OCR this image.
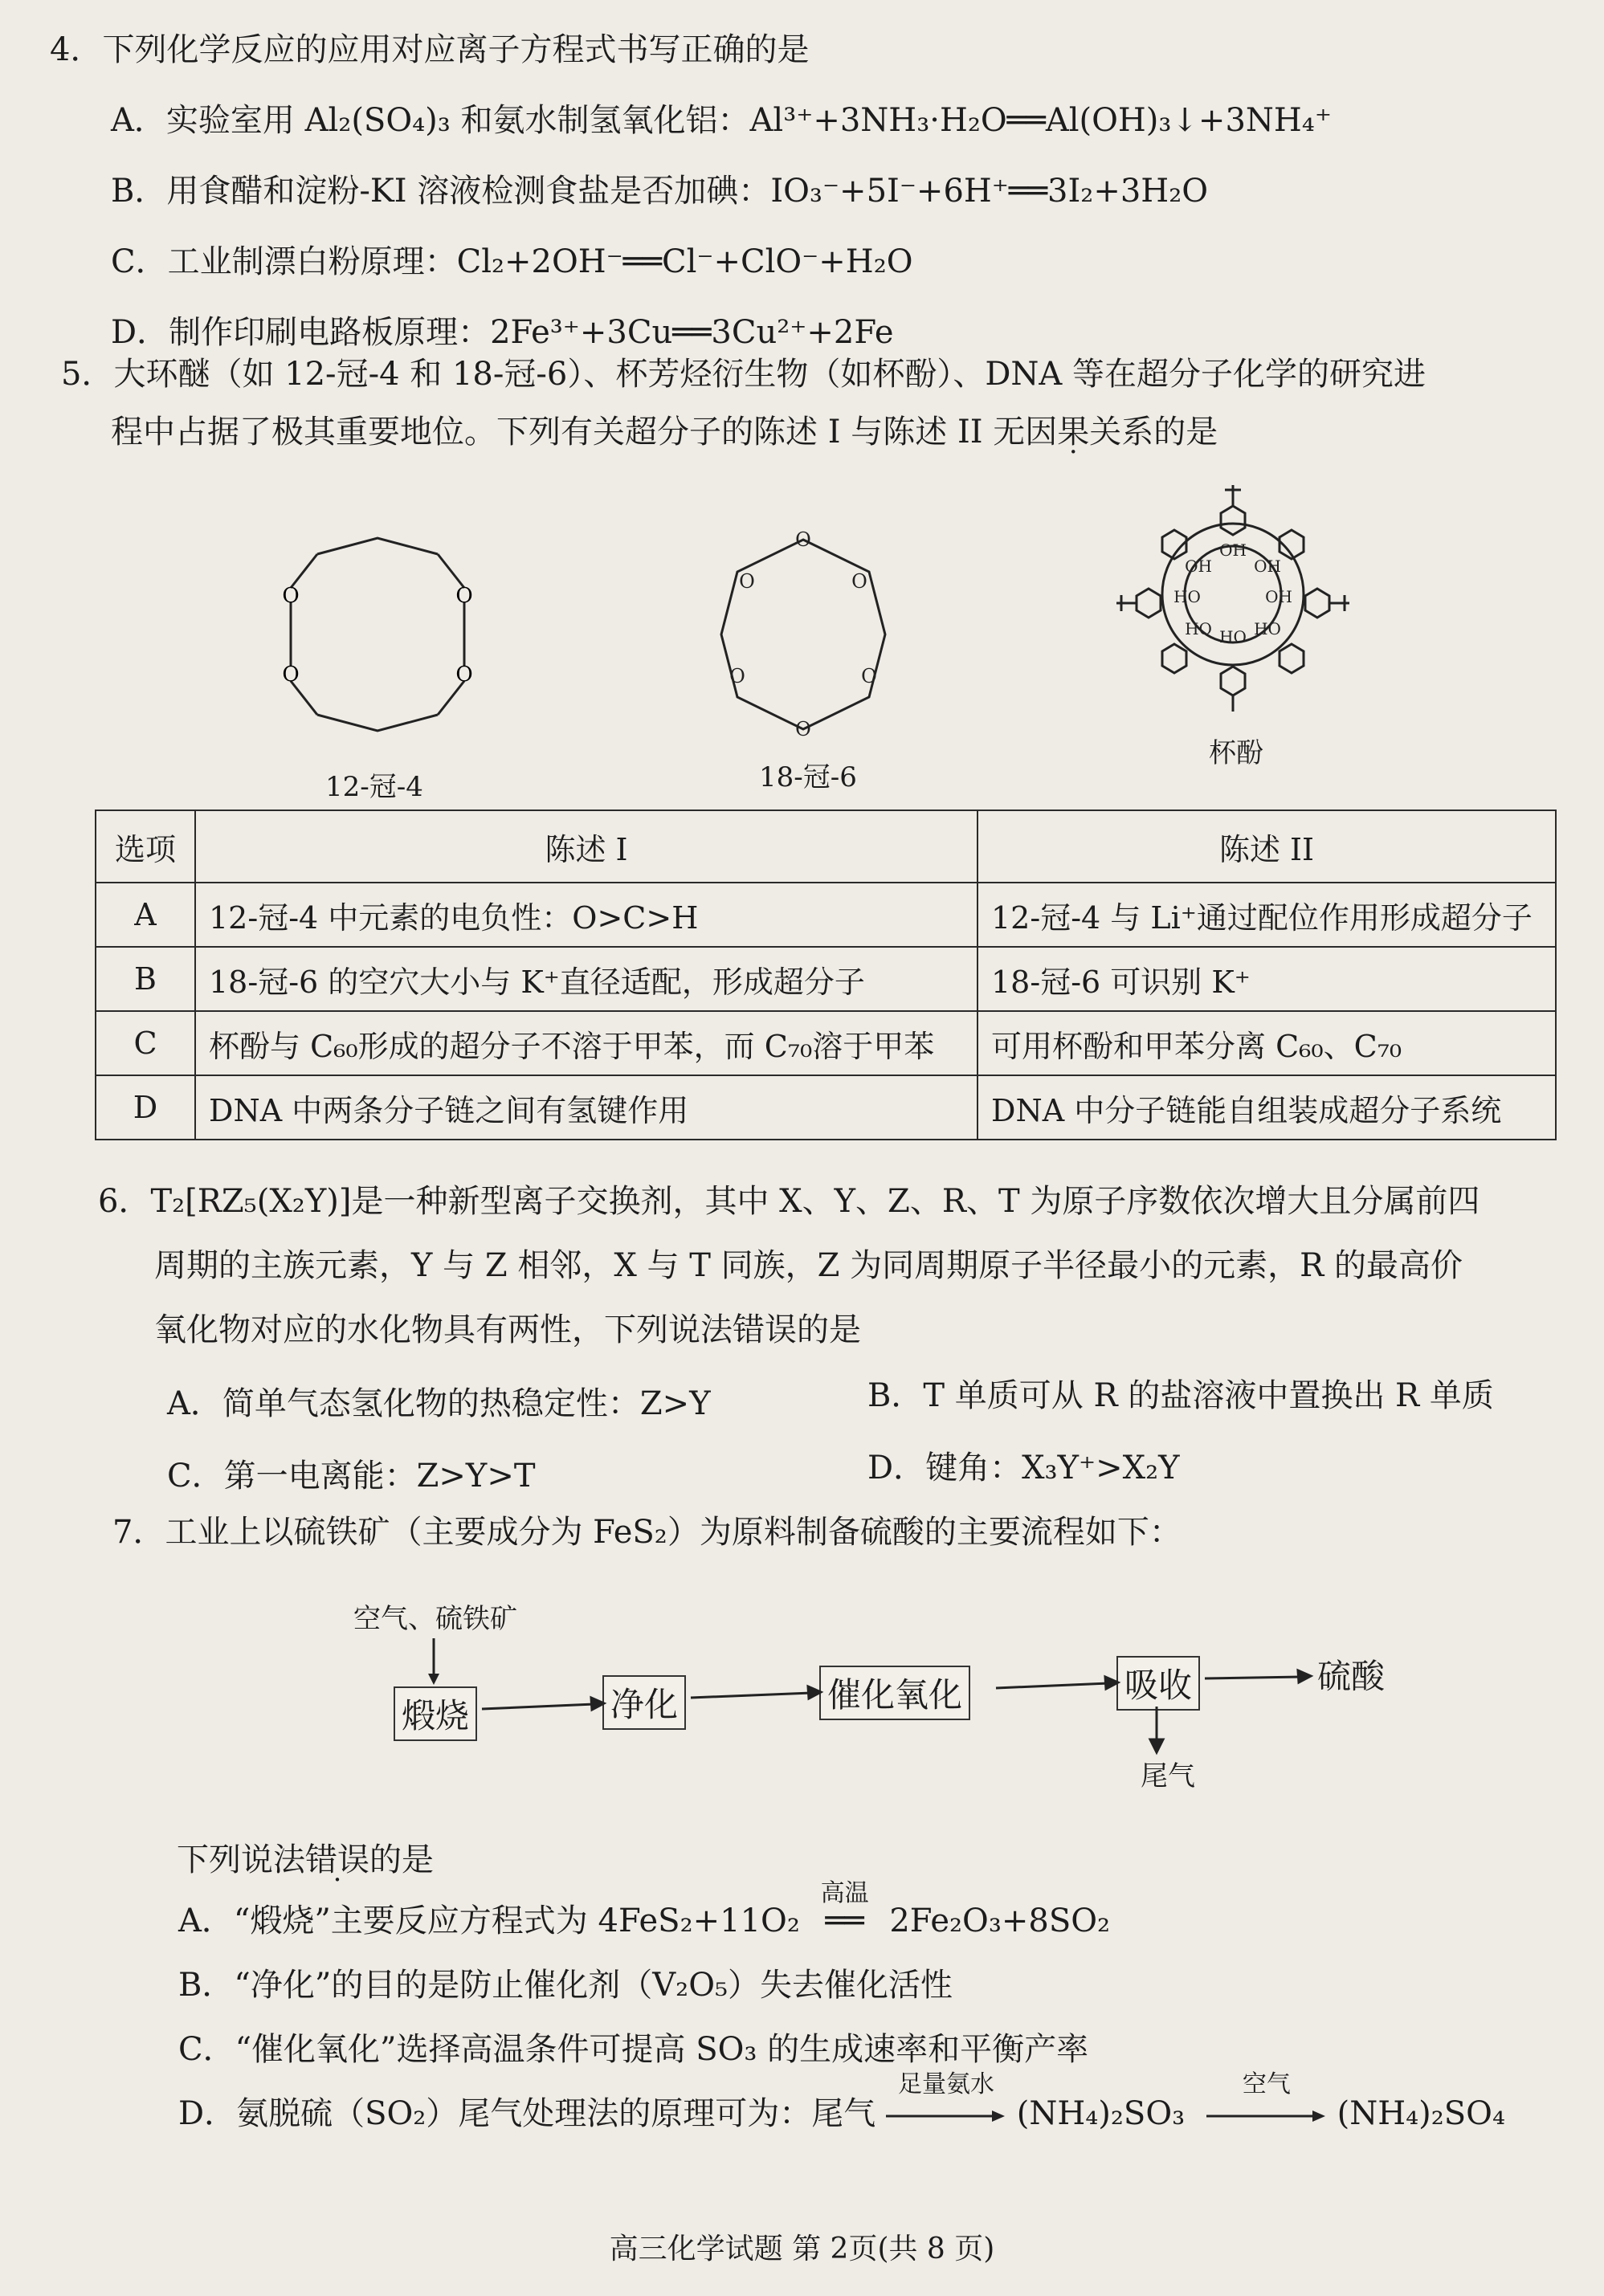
4．下列化学反应的应用对应离子方程式书写正确的是
A．实验室用 Al₂(SO₄)₃ 和氨水制氢氧化铝：Al³⁺+3NH₃·H₂O══Al(OH)₃↓+3NH₄⁺
B．用食醋和淀粉-KI 溶液检测食盐是否加碘：IO₃⁻+5I⁻+6H⁺══3I₂+3H₂O
C．工业制漂白粉原理：Cl₂+2OH⁻══Cl⁻+ClO⁻+H₂O
D．制作印刷电路板原理：2Fe³⁺+3Cu══3Cu²⁺+2Fe
5．大环醚（如 12-冠-4 和 18-冠-6）、杯芳烃衍生物（如杯酚）、DNA 等在超分子化学的研究进
程中占据了极其重要地位。下列有关超分子的陈述 I 与陈述 II 无因果关系 ·的是
O
O
O
O
12-冠-4
O
O
O
O
O
O
18-冠-6
OH
OH
OH
OH
HO
HO HO HO
杯酚
选项	陈述 I	陈述 II
A	12-冠-4 中元素的电负性：O>C>H	12-冠-4 与 Li⁺通过配位作用形成超分子
B	18-冠-6 的空穴大小与 K⁺直径适配，形成超分子	18-冠-6 可识别 K⁺
C	杯酚与 C₆₀形成的超分子不溶于甲苯，而 C₇₀溶于甲苯	可用杯酚和甲苯分离 C₆₀、C₇₀
D	DNA 中两条分子链之间有氢键作用	DNA 中分子链能自组装成超分子系统
6．T₂[RZ₅(X₂Y)]是一种新型离子交换剂，其中 X、Y、Z、R、T 为原子序数依次增大且分属前四
周期的主族元素，Y 与 Z 相邻，X 与 T 同族，Z 为同周期原子半径最小的元素，R 的最高价
氧化物对应的水化物具有两性，下列说法错误的是
A．简单气态氢化物的热稳定性：Z>Y	B．T 单质可从 R 的盐溶液中置换出 R 单质
C．第一电离能：Z>Y>T	D．键角：X₃Y⁺>X₂Y
7．工业上以硫铁矿（主要成分为 FeS₂）为原料制备硫酸的主要流程如下：
空气、硫铁矿
煅烧	净化	催化氧化	吸收	硫酸
尾气
下列说法错误的是
A．“煅烧”主要反应方程式为 4FeS₂+11O₂
高温
══ 2Fe₂O₃+8SO₂
B．“净化”的目的是防止催化剂（V₂O₅）失去催化活性
C．“催化氧化”选择高温条件可提高 SO₃ 的生成速率和平衡产率
D．氨脱硫（SO₂）尾气处理法的原理可为：尾气
足量氨水
(NH₄)₂SO₃
空气
(NH₄)₂SO₄
高三化学试题 第 2页(共 8 页)
